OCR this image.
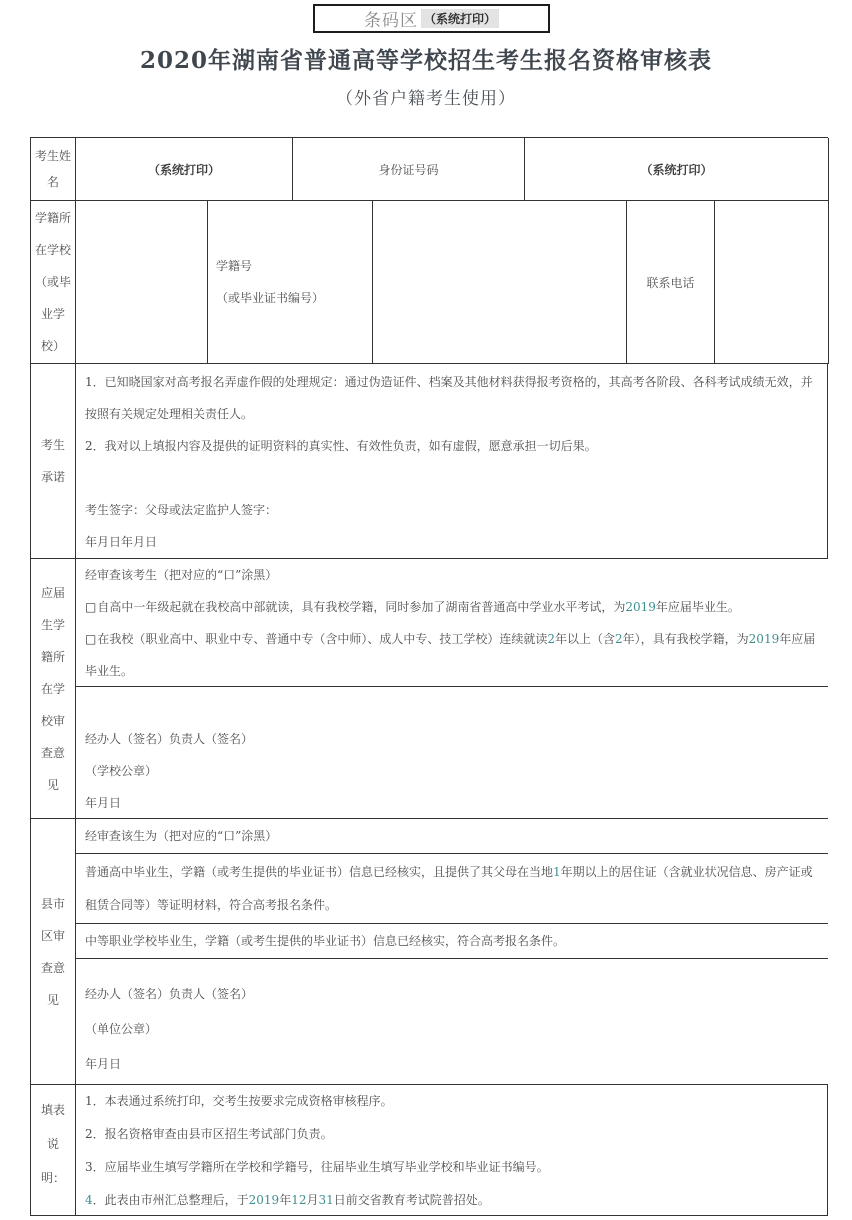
条码区 （系统打印）
2020年湖南省普通高等学校招生考生报名资格审核表
（外省户籍考生使用）
考生姓
名
（系统打印）	身份证号码	（系统打印）
学籍所
在学校
（或毕
业学
校）
学籍号
（或毕业证书编号）
联系电话
考生
承诺

1．已知晓国家对高考报名弄虚作假的处理规定：通过伪造证件、档案及其他材料获得报考资格的，其高考各阶段、各科考试成绩无效，并按照有关规定处理相关责任人。

2．我对以上填报内容及提供的证明资料的真实性、有效性负责，如有虚假，愿意承担一切后果。

考生签字：父母或法定监护人签字：

年月日年月日

应届
生学
籍所
在学
校审
查意
见

经审查该考生（把对应的“口”涂黑）

□自高中一年级起就在我校高中部就读，具有我校学籍，同时参加了湖南省普通高中学业水平考试，为2019年应届毕业生。

□在我校（职业高中、职业中专、普通中专（含中师）、成人中专、技工学校）连续就读2年以上（含2年），具有我校学籍，为2019年应届毕业生。

经办人（签名）负责人（签名）

（学校公章）

年月日

县市
区审
查意
见

经审查该生为（把对应的“口”涂黑）

普通高中毕业生，学籍（或考生提供的毕业证书）信息已经核实，且提供了其父母在当地1年期以上的居住证（含就业状况信息、房产证或租赁合同等）等证明材料，符合高考报名条件。

中等职业学校毕业生，学籍（或考生提供的毕业证书）信息已经核实，符合高考报名条件。

经办人（签名）负责人（签名）

（单位公章）

年月日

填表
说
明：

1．本表通过系统打印，交考生按要求完成资格审核程序。

2．报名资格审查由县市区招生考试部门负责。

3．应届毕业生填写学籍所在学校和学籍号，往届毕业生填写毕业学校和毕业证书编号。

4．此表由市州汇总整理后，于2019年12月31日前交省教育考试院普招处。
